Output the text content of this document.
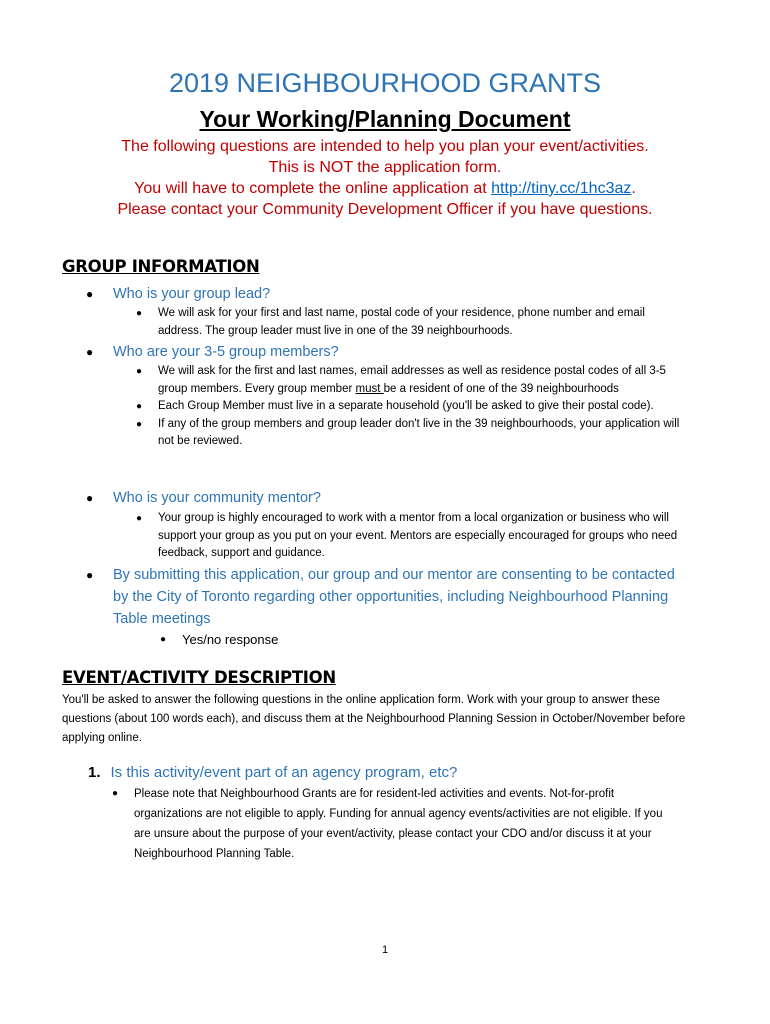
2019 NEIGHBOURHOOD GRANTS
Your Working/Planning Document
The following questions are intended to help you plan your event/activities.
This is NOT the application form.
You will have to complete the online application at http://tiny.cc/1hc3az.
Please contact your Community Development Officer if you have questions.
GROUP INFORMATION
● Who is your group lead?
● We will ask for your first and last name, postal code of your residence, phone number and email address. The group leader must live in one of the 39 neighbourhoods.
● Who are your 3-5 group members?
● We will ask for the first and last names, email addresses as well as residence postal codes of all 3-5 group members. Every group member must be a resident of one of the 39 neighbourhoods
● Each Group Member must live in a separate household (you'll be asked to give their postal code).
● If any of the group members and group leader don't live in the 39 neighbourhoods, your application will not be reviewed.
● Who is your community mentor?
● Your group is highly encouraged to work with a mentor from a local organization or business who will support your group as you put on your event. Mentors are especially encouraged for groups who need feedback, support and guidance.
● By submitting this application, our group and our mentor are consenting to be contacted by the City of Toronto regarding other opportunities, including Neighbourhood Planning Table meetings
● Yes/no response
EVENT/ACTIVITY DESCRIPTION
You'll be asked to answer the following questions in the online application form. Work with your group to answer these questions (about 100 words each), and discuss them at the Neighbourhood Planning Session in October/November before applying online.
1. Is this activity/event part of an agency program, etc?
● Please note that Neighbourhood Grants are for resident-led activities and events. Not-for-profit organizations are not eligible to apply. Funding for annual agency events/activities are not eligible. If you are unsure about the purpose of your event/activity, please contact your CDO and/or discuss it at your Neighbourhood Planning Table.
1
